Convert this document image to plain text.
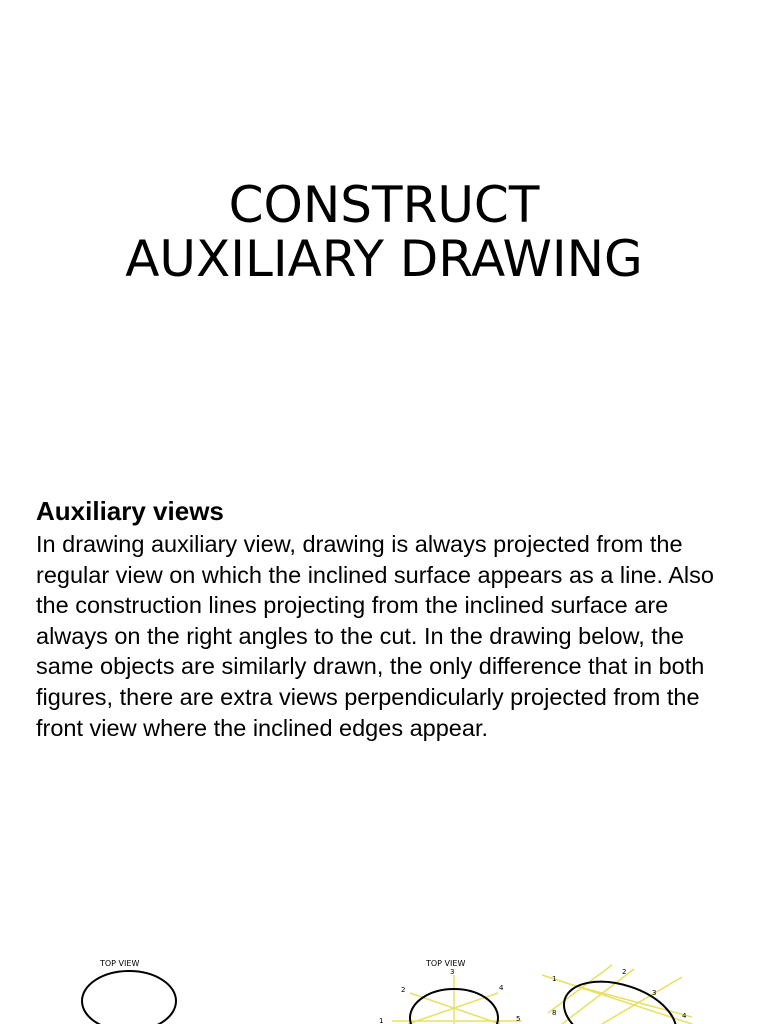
CONSTRUCT
AUXILIARY DRAWING
Auxiliary views

In drawing auxiliary view, drawing is always projected from the regular view on which the inclined surface appears as a line. Also the construction lines projecting from the inclined surface are always on the right angles to the cut. In the drawing below, the same objects are similarly drawn, the only difference that in both figures, there are extra views perpendicularly projected from the front view where the inclined edges appear.

TOP VIEW	TOP VIEW
3
2	4
1	5
1
2
3
8	4
